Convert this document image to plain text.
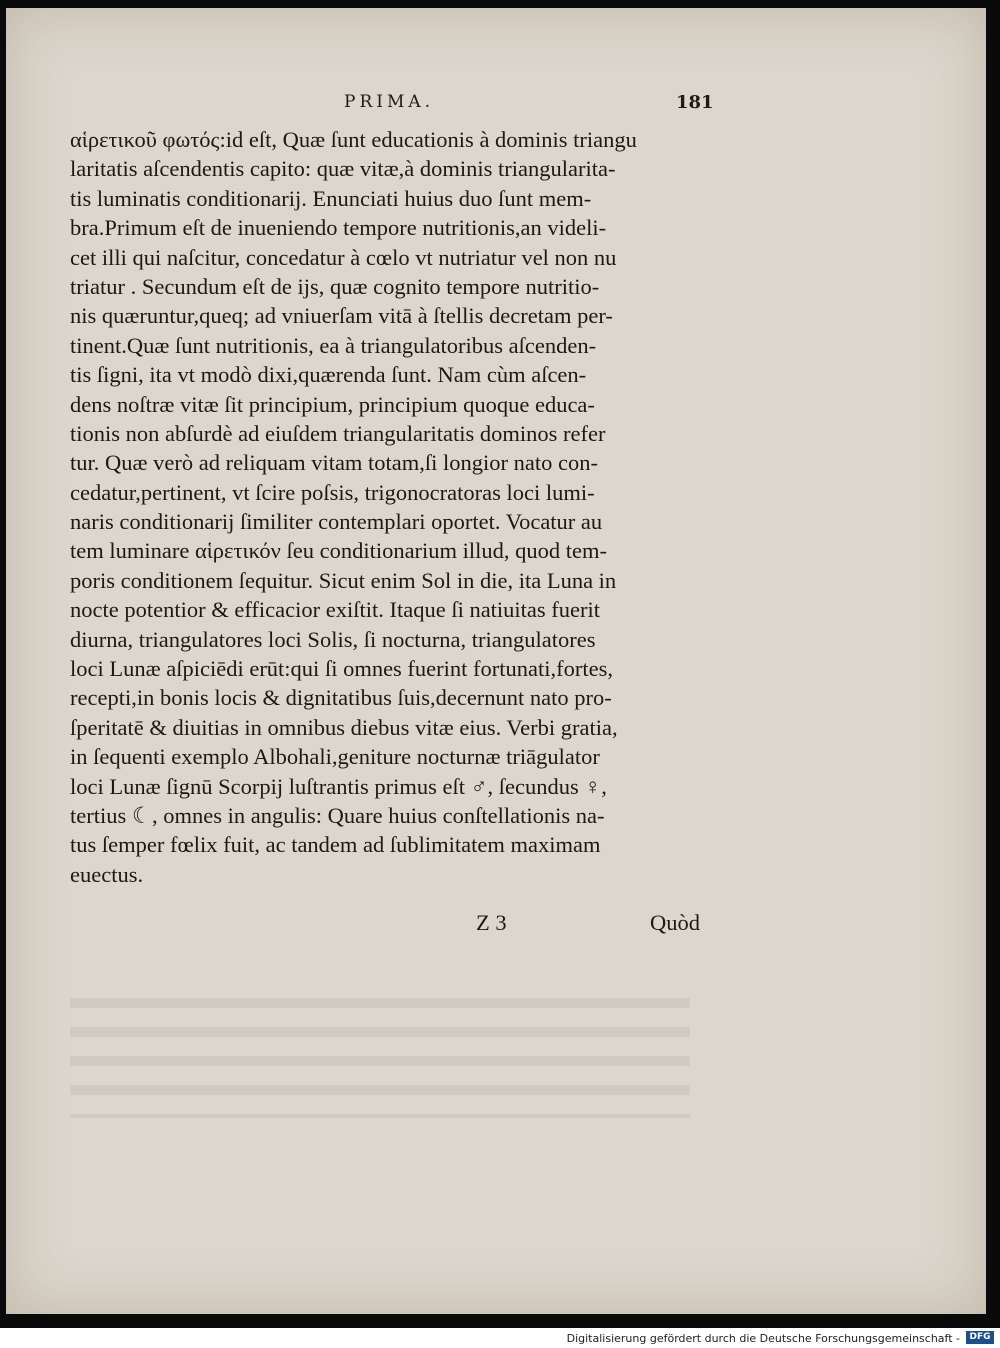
PRIMA.	181
αἱρετικοῦ φωτός:id eſt, Quæ ſunt educationis à dominis triangu
laritatis aſcendentis capito: quæ vitæ,à dominis triangularita-
tis luminatis conditionarij. Enunciati huius duo ſunt mem-
bra.Primum eſt de inueniendo tempore nutritionis,an videli-
cet illi qui naſcitur, concedatur à cœlo vt nutriatur vel non nu
triatur . Secundum eſt de ijs, quæ cognito tempore nutritio-
nis quæruntur,queq; ad vniuerſam vitā à ſtellis decretam per-
tinent.Quæ ſunt nutritionis, ea à triangulatoribus aſcenden-
tis ſigni, ita vt modò dixi,quærenda ſunt. Nam cùm aſcen-
dens noſtræ vitæ ſit principium, principium quoque educa-
tionis non abſurdè ad eiuſdem triangularitatis dominos refer
tur. Quæ verò ad reliquam vitam totam,ſi longior nato con-
cedatur,pertinent, vt ſcire poſsis, trigonocratoras loci lumi-
naris conditionarij ſimiliter contemplari oportet. Vocatur au
tem luminare αἱρετικόν ſeu conditionarium illud, quod tem-
poris conditionem ſequitur. Sicut enim Sol in die, ita Luna in
nocte potentior & efficacior exiſtit. Itaque ſi natiuitas fuerit
diurna, triangulatores loci Solis, ſi nocturna, triangulatores
loci Lunæ aſpiciēdi erūt:qui ſi omnes fuerint fortunati,fortes,
recepti,in bonis locis & dignitatibus ſuis,decernunt nato pro-
ſperitatē & diuitias in omnibus diebus vitæ eius. Verbi gratia,
in ſequenti exemplo Albohali,geniture nocturnæ triāgulator
loci Lunæ ſignū Scorpij luſtrantis primus eſt ♂, ſecundus ♀,
tertius ☾, omnes in angulis: Quare huius conſtellationis na-
tus ſemper fœlix fuit, ac tandem ad ſublimitatem maximam
euectus.
Z 3	Quòd
Digitalisierung gefördert durch die Deutsche Forschungsgemeinschaft -	DFG
